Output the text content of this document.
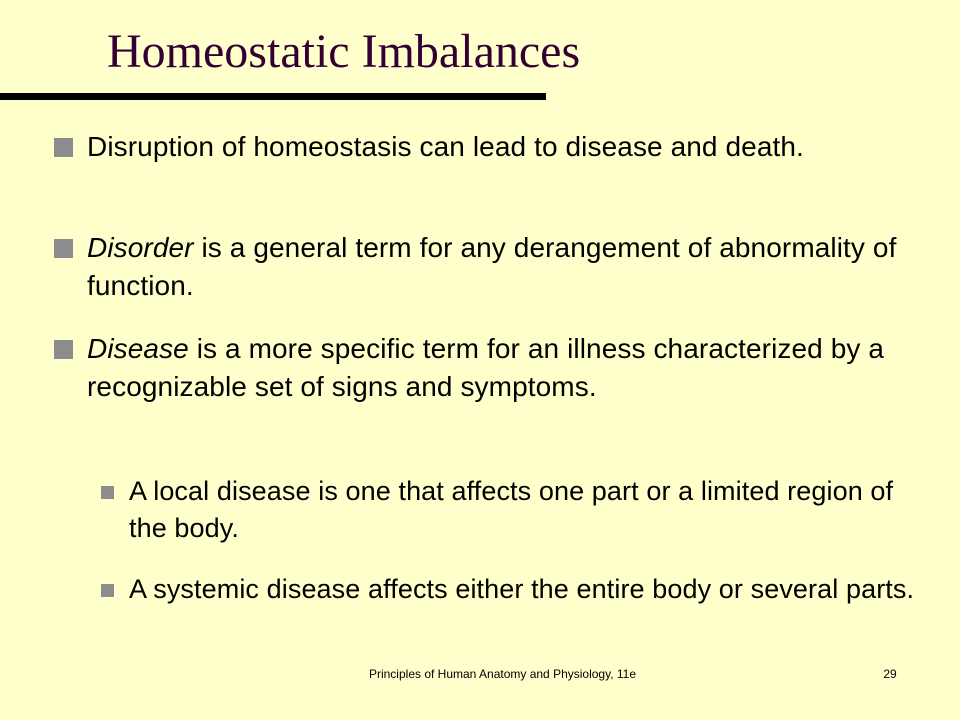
Homeostatic Imbalances
Disruption of homeostasis can lead to disease and death.
Disorder is a general term for any derangement of abnormality of function.
Disease is a more specific term for an illness characterized by a recognizable set of signs and symptoms.
A local disease is one that affects one part or a limited region of the body.
A systemic disease affects either the entire body or several parts.
Principles of Human Anatomy and Physiology, 11e	29
